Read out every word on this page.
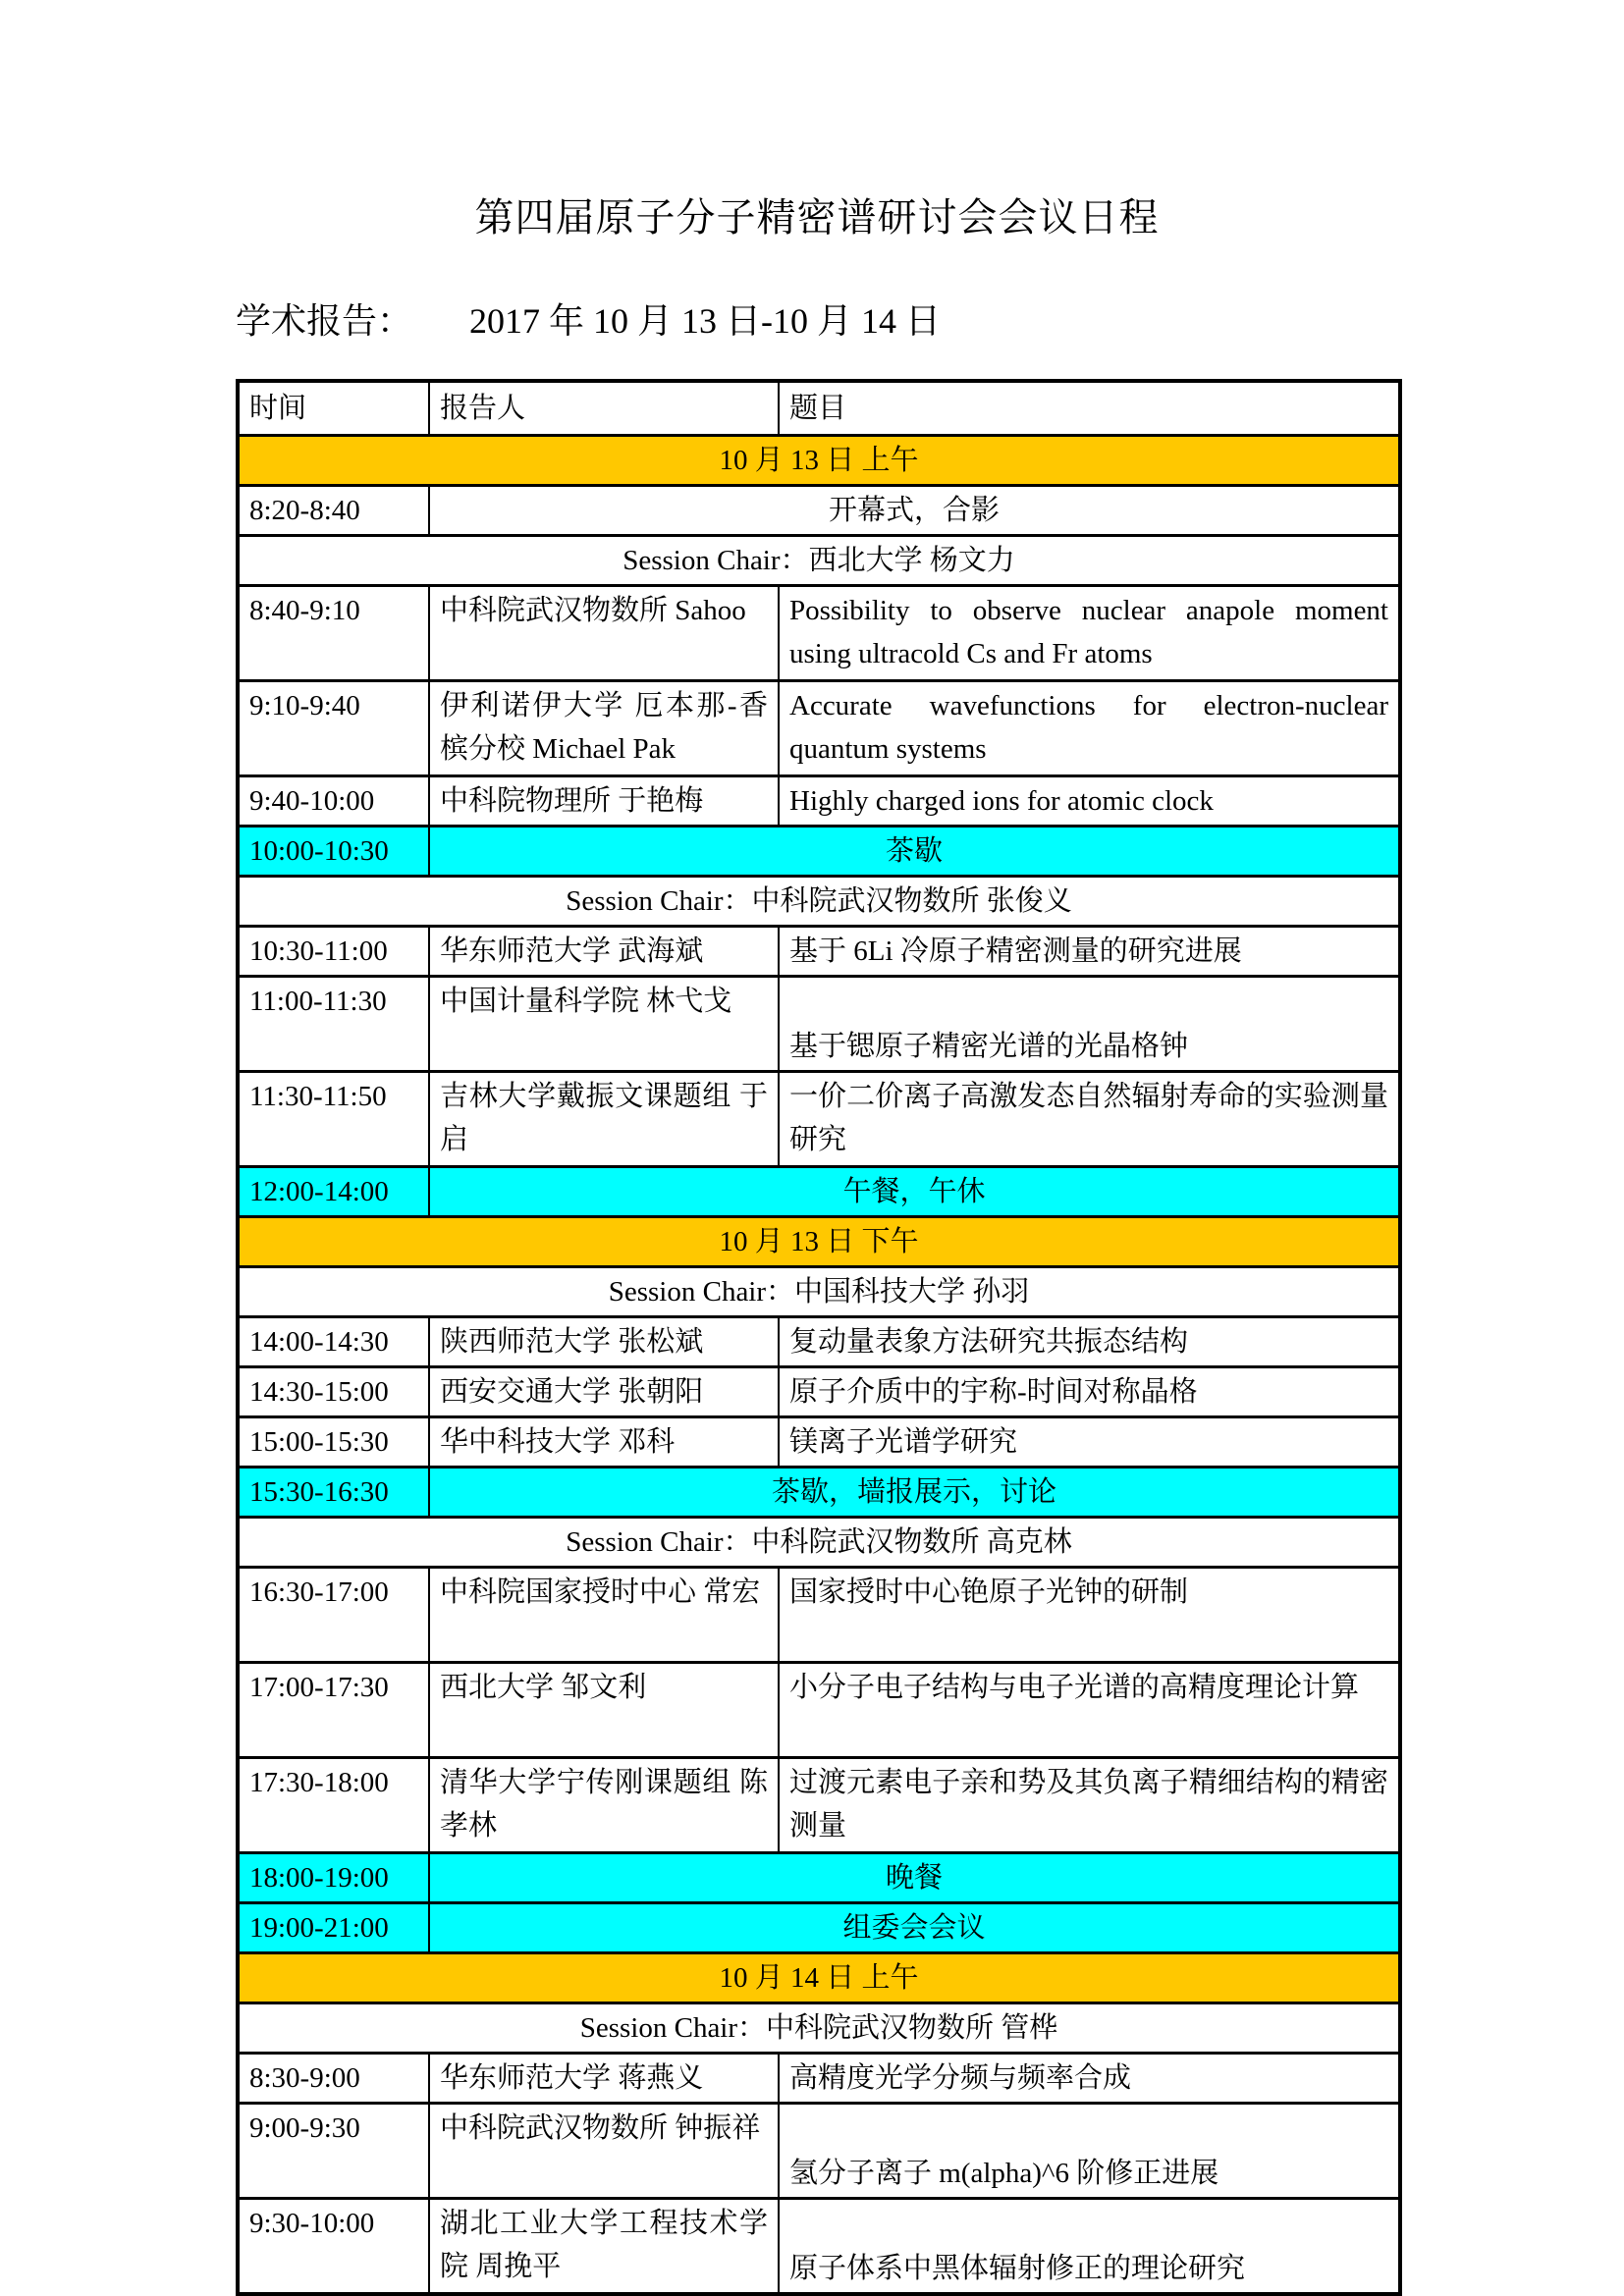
第四届原子分子精密谱研讨会会议日程
学术报告： 2017 年 10 月 13 日-10 月 14 日
时间	报告人	题目
10 月 13 日 上午		
8:20-8:40	开幕式，合影	
Session Chair：西北大学 杨文力		
8:40-9:10	中科院武汉物数所 Sahoo	Possibility to observe nuclear anapole moment using ultracold Cs and Fr atoms
9:10-9:40	伊利诺伊大学 厄本那-香槟分校 Michael Pak	Accurate wavefunctions for electron-nuclear quantum systems
9:40-10:00	中科院物理所 于艳梅	Highly charged ions for atomic clock
10:00-10:30	茶歇	
Session Chair：中科院武汉物数所 张俊义		
10:30-11:00	华东师范大学 武海斌	基于 6Li 冷原子精密测量的研究进展
11:00-11:30	中国计量科学院 林弋戈	基于锶原子精密光谱的光晶格钟
11:30-11:50	吉林大学戴振文课题组 于启	一价二价离子高激发态自然辐射寿命的实验测量研究
12:00-14:00	午餐，午休	
10 月 13 日 下午		
Session Chair：中国科技大学 孙羽		
14:00-14:30	陕西师范大学 张松斌	复动量表象方法研究共振态结构
14:30-15:00	西安交通大学 张朝阳	原子介质中的宇称-时间对称晶格
15:00-15:30	华中科技大学 邓科	镁离子光谱学研究
15:30-16:30	茶歇，墙报展示，讨论	
Session Chair：中科院武汉物数所 高克林		
16:30-17:00	中科院国家授时中心 常宏	国家授时中心铯原子光钟的研制
17:00-17:30	西北大学 邹文利	小分子电子结构与电子光谱的高精度理论计算
17:30-18:00	清华大学宁传刚课题组 陈孝林	过渡元素电子亲和势及其负离子精细结构的精密测量
18:00-19:00	晚餐	
19:00-21:00	组委会会议	
10 月 14 日 上午		
Session Chair：中科院武汉物数所 管桦		
8:30-9:00	华东师范大学 蒋燕义	高精度光学分频与频率合成
9:00-9:30	中科院武汉物数所 钟振祥	氢分子离子 m(alpha)^6 阶修正进展
9:30-10:00	湖北工业大学工程技术学院 周挽平	原子体系中黑体辐射修正的理论研究
